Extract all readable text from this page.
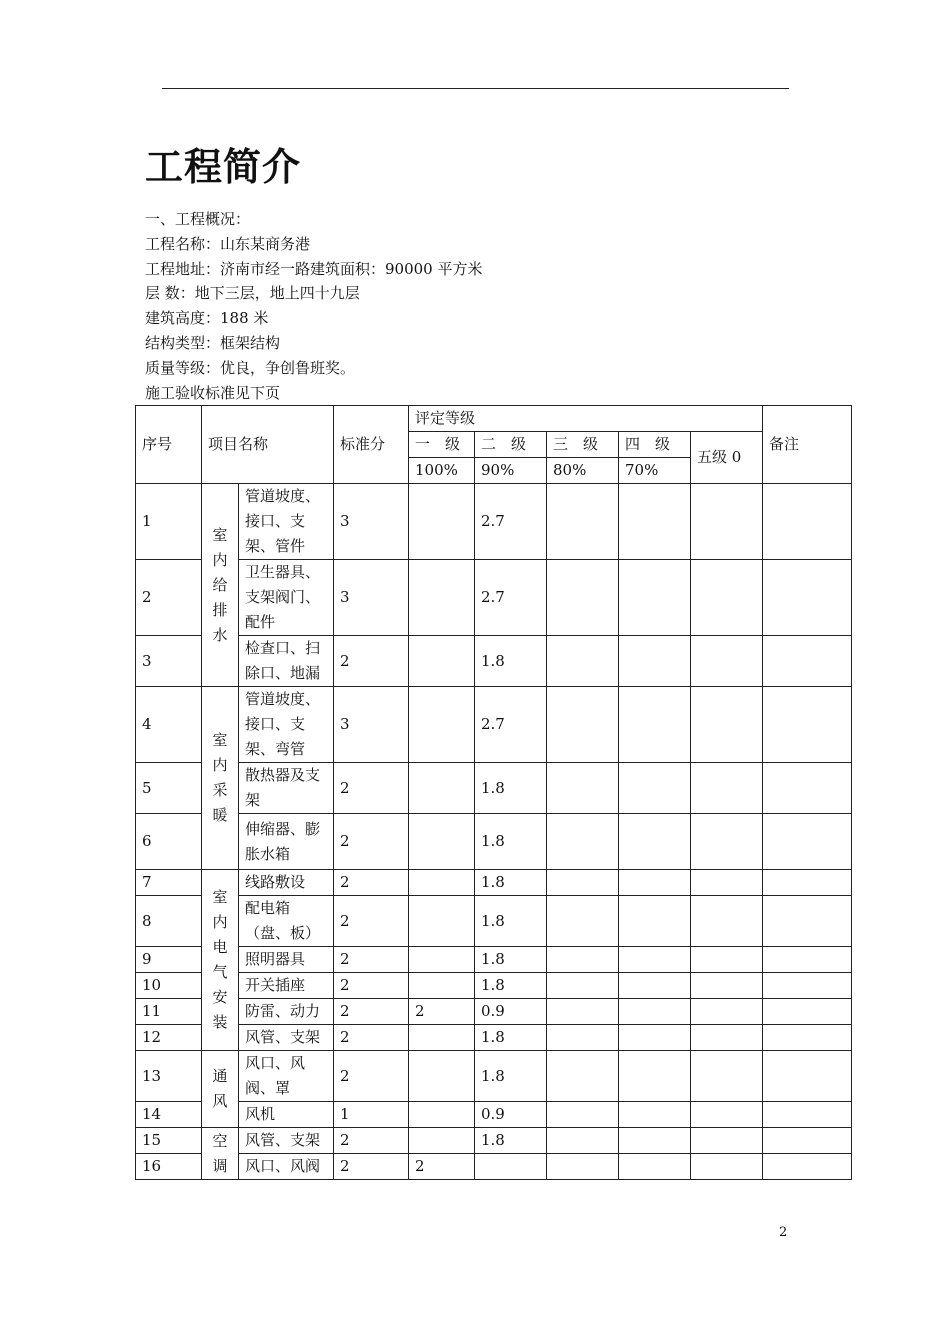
工程简介
一、工程概况：
工程名称：山东某商务港
工程地址：济南市经一路建筑面积：90000 平方米
层 数：地下三层，地上四十九层
建筑高度：188 米
结构类型：框架结构
质量等级：优良，争创鲁班奖。
施工验收标准见下页
序号	项目名称		标准分	评定等级					备注
				一　级	二　级	三　级	四　级	五级 0	
				100%	90%	80%	70%		
1	室内给排水	管道坡度、接口、支架、管件	3		2.7				
2		卫生器具、支架阀门、配件	3		2.7				
3		检查口、扫除口、地漏	2		1.8				
4	室内采暖	管道坡度、接口、支架、弯管	3		2.7				
5		散热器及支架	2		1.8				
6		伸缩器、膨胀水箱	2		1.8				
7	室内电气安装	线路敷设	2		1.8				
8		配电箱（盘、板）	2		1.8				
9		照明器具	2		1.8				
10		开关插座	2		1.8				
11		防雷、动力	2	2	0.9				
12		风管、支架	2		1.8				
13	通风	风口、风阀、罩	2		1.8				
14		风机	1		0.9				
15	空调	风管、支架	2		1.8				
16		风口、风阀	2	2					
2
